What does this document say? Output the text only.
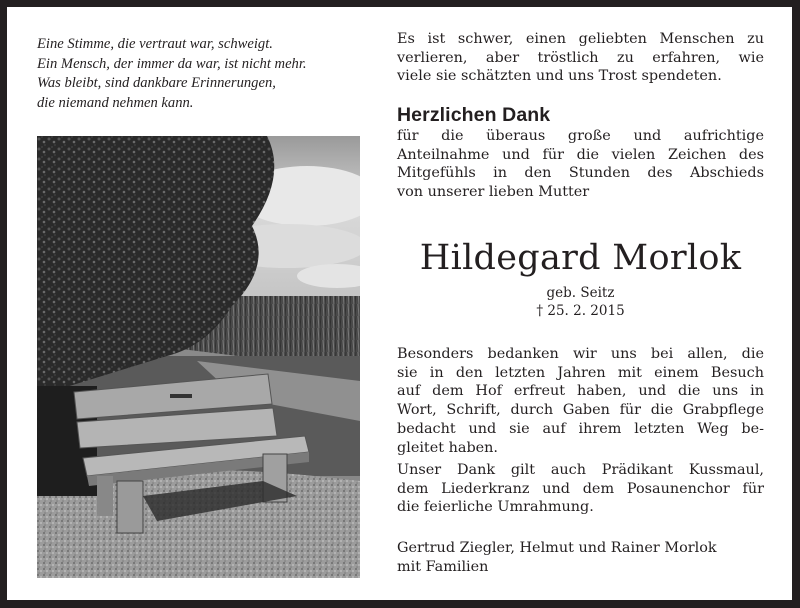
Eine Stimme, die vertraut war, schweigt.
Ein Mensch, der immer da war, ist nicht mehr.
Was bleibt, sind dankbare Erinnerungen,
die niemand nehmen kann.
Es ist schwer, einen geliebten Menschen zu
verlieren, aber tröstlich zu erfahren, wie
viele sie schätzten und uns Trost spendeten.
Herzlichen Dank
für die überaus große und aufrichtige
Anteilnahme und für die vielen Zeichen des
Mitgefühls in den Stunden des Abschieds
von unserer lieben Mutter
Hildegard Morlok
geb. Seitz
† 25. 2. 2015
Besonders bedanken wir uns bei allen, die
sie in den letzten Jahren mit einem Besuch
auf dem Hof erfreut haben, und die uns in
Wort, Schrift, durch Gaben für die Grabpflege
bedacht und sie auf ihrem letzten Weg be-
gleitet haben.
Unser Dank gilt auch Prädikant Kussmaul,
dem Liederkranz und dem Posaunenchor für
die feierliche Umrahmung.
Gertrud Ziegler, Helmut und Rainer Morlok
mit Familien
